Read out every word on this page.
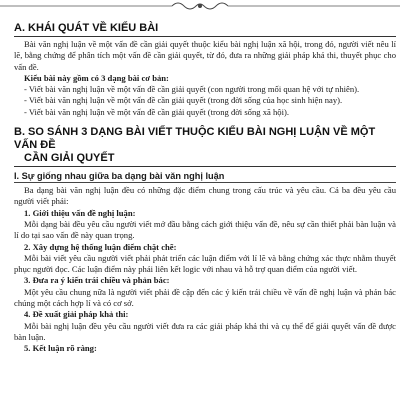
A. KHÁI QUÁT VỀ KIỂU BÀI

Bài văn nghị luận về một vấn đề cần giải quyết thuộc kiểu bài nghị luận xã hội, trong đó, người viết nêu lí lẽ, bằng chứng để phân tích một vấn đề cần giải quyết, từ đó, đưa ra những giải pháp khả thi, thuyết phục cho vấn đề.

Kiểu bài này gồm có 3 dạng bài cơ bản:

- Viết bài văn nghị luận về một vấn đề cần giải quyết (con người trong mối quan hệ với tự nhiên).

- Viết bài văn nghị luận về một vấn đề cần giải quyết (trong đời sống của học sinh hiện nay).

- Viết bài văn nghị luận về một vấn đề cần giải quyết (trong đời sống xã hội).

B. SO SÁNH 3 DẠNG BÀI VIẾT THUỘC KIỂU BÀI NGHỊ LUẬN VỀ MỘT VẤN ĐỀ
CẦN GIẢI QUYẾT
I. Sự giống nhau giữa ba dạng bài văn nghị luận

Ba dạng bài văn nghị luận đều có những đặc điểm chung trong cấu trúc và yêu cầu. Cả ba đều yêu cầu người viết phải:

1. Giới thiệu vấn đề nghị luận:

Mỗi dạng bài đều yêu cầu người viết mở đầu bằng cách giới thiệu vấn đề, nêu sự cần thiết phải bàn luận và lí do tại sao vấn đề này quan trọng.

2. Xây dựng hệ thống luận điểm chặt chẽ:

Mỗi bài viết yêu cầu người viết phải phát triển các luận điểm với lí lẽ và bằng chứng xác thực nhằm thuyết phục người đọc. Các luận điểm này phải liên kết logic với nhau và hỗ trợ quan điểm của người viết.

3. Đưa ra ý kiến trái chiều và phản bác:

Một yêu cầu chung nữa là người viết phải đề cập đến các ý kiến trái chiều về vấn đề nghị luận và phản bác chúng một cách hợp lí và có cơ sở.

4. Đề xuất giải pháp khả thi:

Mỗi bài nghị luận đều yêu cầu người viết đưa ra các giải pháp khả thi và cụ thể để giải quyết vấn đề được bàn luận.

5. Kết luận rõ ràng:
